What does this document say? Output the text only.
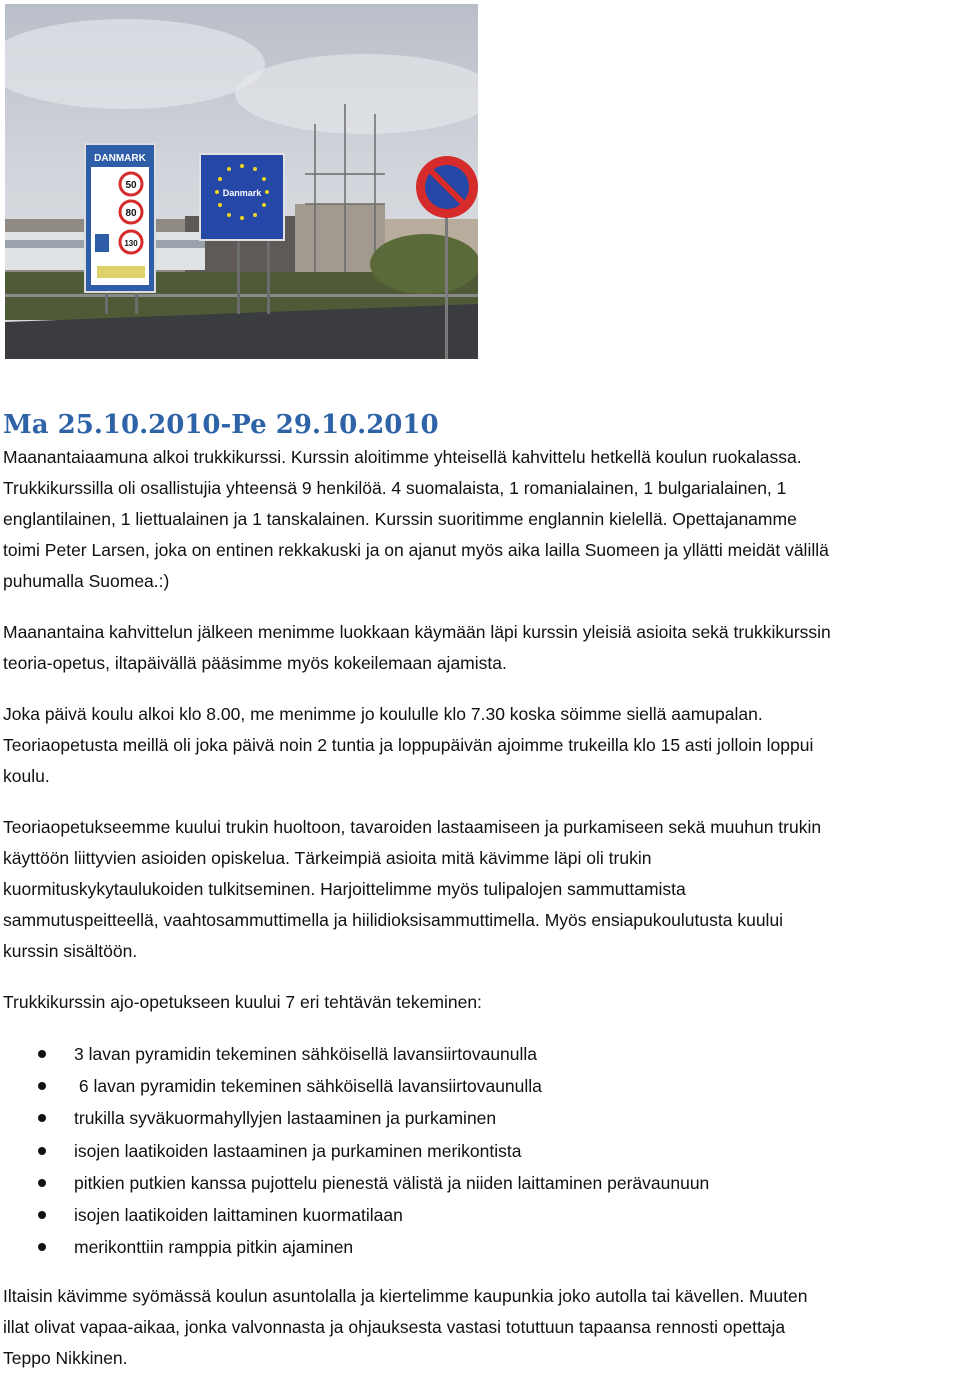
DANMARK
50
80
130
Danmark
Ma 25.10.2010-Pe 29.10.2010

Maanantaiaamuna alkoi trukkikurssi. Kurssin aloitimme yhteisellä kahvittelu hetkellä koulun ruokalassa.

Trukkikurssilla oli osallistujia yhteensä 9 henkilöä. 4 suomalaista, 1 romanialainen, 1 bulgarialainen, 1

englantilainen, 1 liettualainen ja 1 tanskalainen. Kurssin suoritimme englannin kielellä. Opettajanamme

toimi Peter Larsen, joka on entinen rekkakuski ja on ajanut myös aika lailla Suomeen ja yllätti meidät välillä

puhumalla Suomea.:)

Maanantaina kahvittelun jälkeen menimme luokkaan käymään läpi kurssin yleisiä asioita sekä trukkikurssin

teoria-opetus, iltapäivällä pääsimme myös kokeilemaan ajamista.

Joka päivä koulu alkoi klo 8.00, me menimme jo koululle klo 7.30 koska söimme siellä aamupalan.

Teoriaopetusta meillä oli joka päivä noin 2 tuntia ja loppupäivän ajoimme trukeilla klo 15 asti jolloin loppui

koulu.

Teoriaopetukseemme kuului trukin huoltoon, tavaroiden lastaamiseen ja purkamiseen sekä muuhun trukin

käyttöön liittyvien asioiden opiskelua. Tärkeimpiä asioita mitä kävimme läpi oli trukin

kuormituskykytaulukoiden tulkitseminen. Harjoittelimme myös tulipalojen sammuttamista

sammutuspeitteellä, vaahtosammuttimella ja hiilidioksisammuttimella. Myös ensiapukoulutusta kuului

kurssin sisältöön.

Trukkikurssin ajo-opetukseen kuului 7 eri tehtävän tekeminen:

3 lavan pyramidin tekeminen sähköisellä lavansiirtovaunulla
6 lavan pyramidin tekeminen sähköisellä lavansiirtovaunulla
trukilla syväkuormahyllyjen lastaaminen ja purkaminen
isojen laatikoiden lastaaminen ja purkaminen merikontista
pitkien putkien kanssa pujottelu pienestä välistä ja niiden laittaminen perävaunuun
isojen laatikoiden laittaminen kuormatilaan
merikonttiin ramppia pitkin ajaminen

Iltaisin kävimme syömässä koulun asuntolalla ja kiertelimme kaupunkia joko autolla tai kävellen. Muuten

illat olivat vapaa-aikaa, jonka valvonnasta ja ohjauksesta vastasi totuttuun tapaansa rennosti opettaja

Teppo Nikkinen.
